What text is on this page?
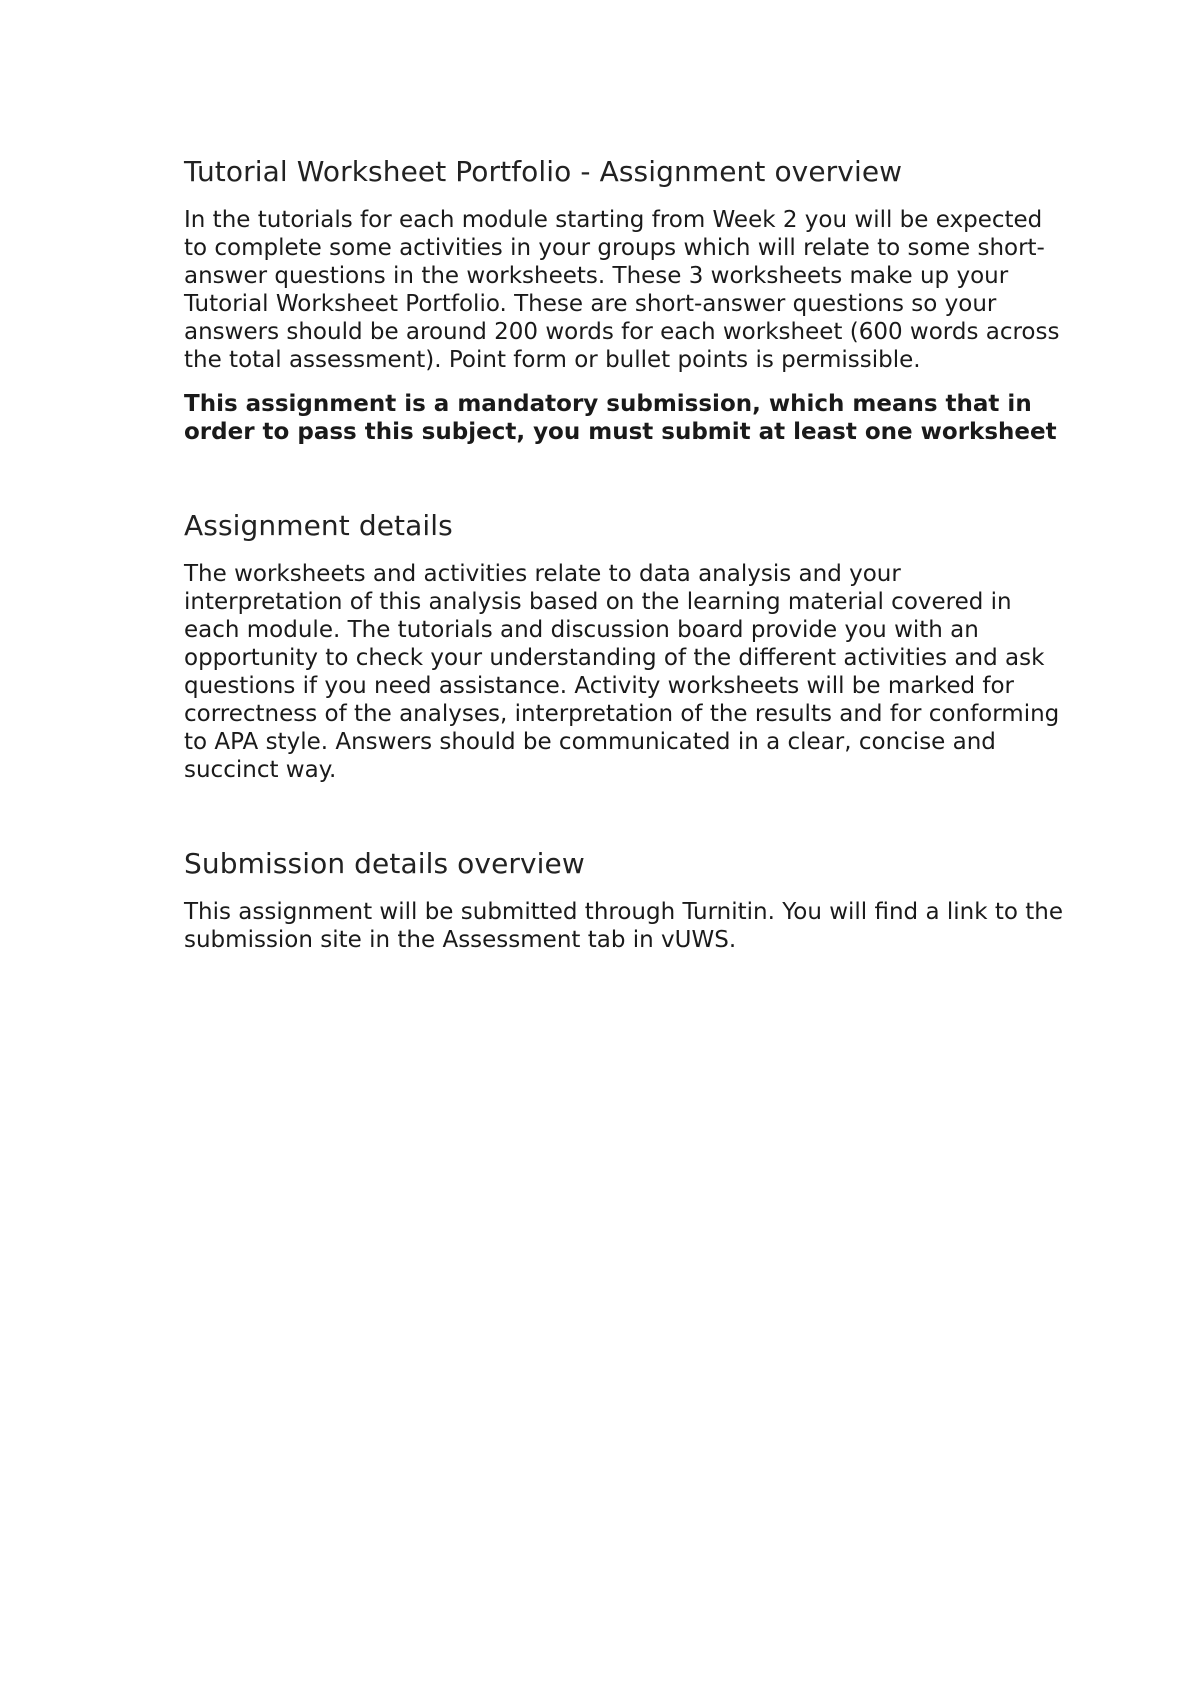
Tutorial Worksheet Portfolio - Assignment overview

In the tutorials for each module starting from Week 2 you will be expected to complete some activities in your groups which will relate to some short-answer questions in the worksheets. These 3 worksheets make up your Tutorial Worksheet Portfolio. These are short-answer questions so your answers should be around 200 words for each worksheet (600 words across the total assessment). Point form or bullet points is permissible.

This assignment is a mandatory submission, which means that in order to pass this subject, you must submit at least one worksheet

Assignment details

The worksheets and activities relate to data analysis and your interpretation of this analysis based on the learning material covered in each module. The tutorials and discussion board provide you with an opportunity to check your understanding of the different activities and ask questions if you need assistance. Activity worksheets will be marked for correctness of the analyses, interpretation of the results and for conforming to APA style. Answers should be communicated in a clear, concise and succinct way.

Submission details overview

This assignment will be submitted through Turnitin. You will find a link to the submission site in the Assessment tab in vUWS.
